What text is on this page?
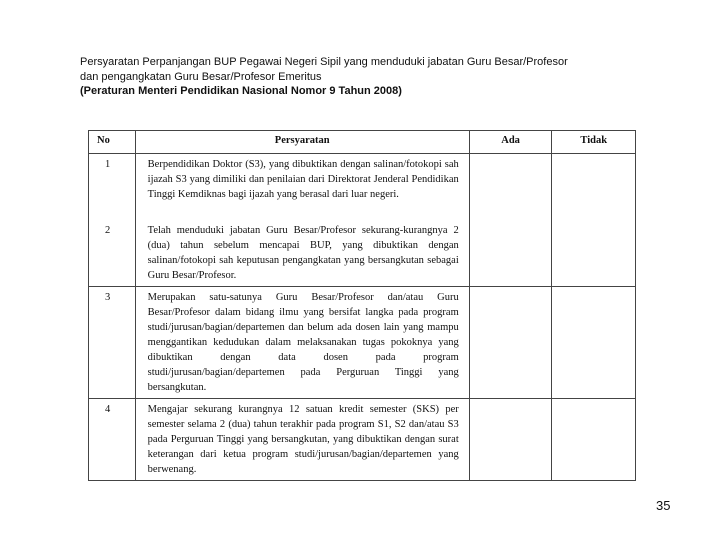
Persyaratan Perpanjangan BUP Pegawai Negeri Sipil yang menduduki jabatan Guru Besar/Profesor
dan pengangkatan Guru Besar/Profesor Emeritus
(Peraturan Menteri Pendidikan Nasional Nomor 9 Tahun 2008)
No	Persyaratan	Ada	Tidak
1	Berpendidikan Doktor (S3), yang dibuktikan dengan salinan/fotokopi sah ijazah S3 yang dimiliki dan penilaian dari Direktorat Jenderal Pendidikan Tinggi Kemdiknas bagi ijazah yang berasal dari luar negeri.		
2	Telah menduduki jabatan Guru Besar/Profesor sekurang-kurangnya 2 (dua) tahun sebelum mencapai BUP, yang dibuktikan dengan salinan/fotokopi sah keputusan pengangkatan yang bersangkutan sebagai Guru Besar/Profesor.		
3	Merupakan satu-satunya Guru Besar/Profesor dan/atau Guru Besar/Profesor dalam bidang ilmu yang bersifat langka pada program studi/jurusan/bagian/departemen dan belum ada dosen lain yang mampu menggantikan kedudukan dalam melaksanakan tugas pokoknya yang dibuktikan dengan data dosen pada program studi/jurusan/bagian/departemen pada Perguruan Tinggi yang bersangkutan.		
4	Mengajar sekurang kurangnya 12 satuan kredit semester (SKS) per semester selama 2 (dua) tahun terakhir pada program S1, S2 dan/atau S3 pada Perguruan Tinggi yang bersangkutan, yang dibuktikan dengan surat keterangan dari ketua program studi/jurusan/bagian/departemen yang berwenang.		
35
